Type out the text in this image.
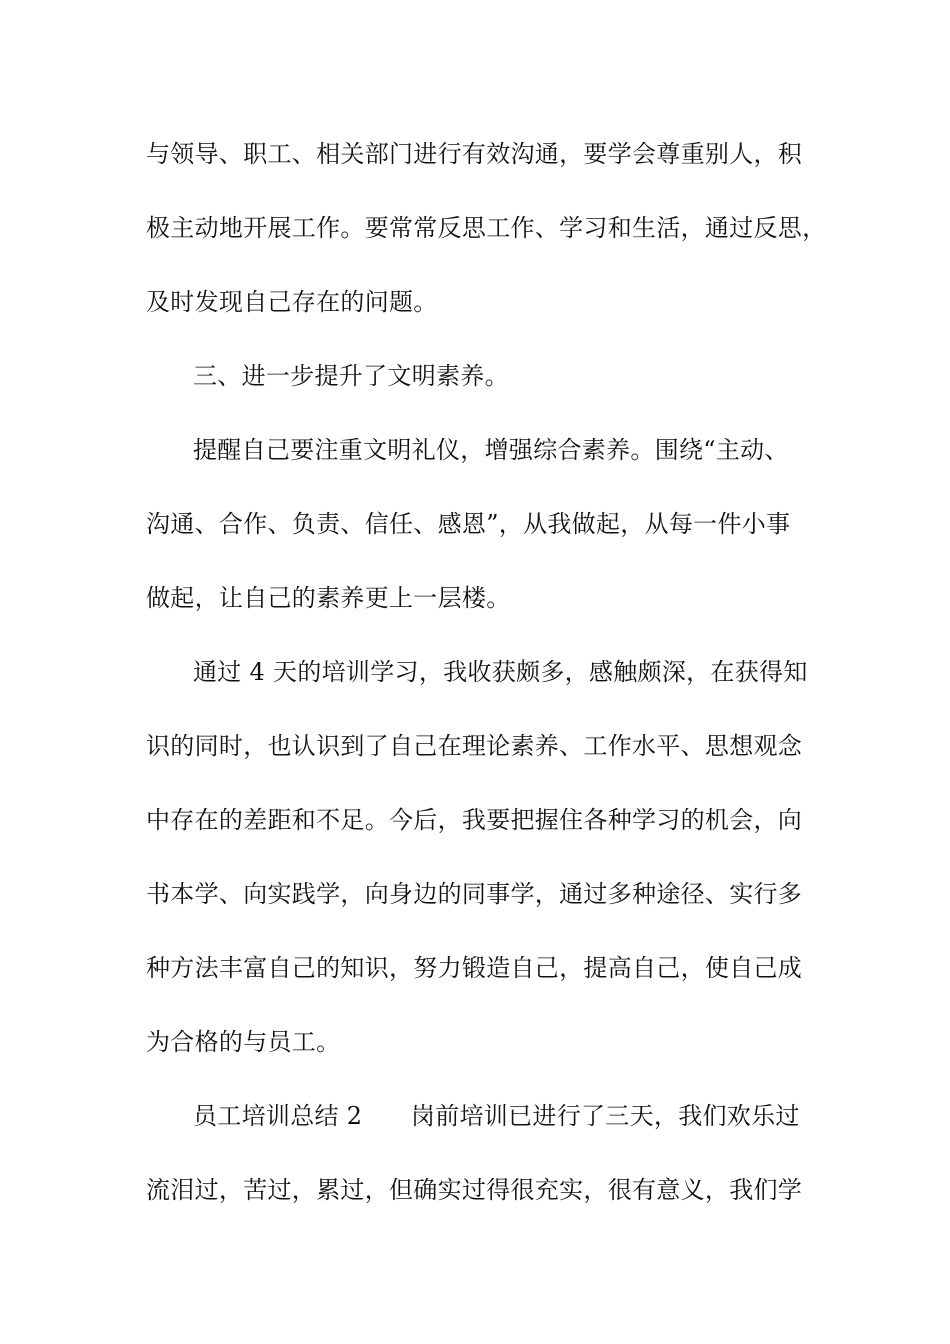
与领导、职工、相关部门进行有效沟通，要学会尊重别人，积
极主动地开展工作。要常常反思工作、学习和生活，通过反思，
及时发现自己存在的问题。
三、进一步提升了文明素养。
提醒自己要注重文明礼仪，增强综合素养。围绕“主动、
沟通、合作、负责、信任、感恩”，从我做起，从每一件小事
做起，让自己的素养更上一层楼。
通过 4 天的培训学习，我收获颇多，感触颇深，在获得知
识的同时，也认识到了自己在理论素养、工作水平、思想观念
中存在的差距和不足。今后，我要把握住各种学习的机会，向
书本学、向实践学，向身边的同事学，通过多种途径、实行多
种方法丰富自己的知识，努力锻造自己，提高自己，使自己成
为合格的与员工。
员工培训总结 2　　岗前培训已进行了三天，我们欢乐过
流泪过，苦过，累过，但确实过得很充实，很有意义，我们学
